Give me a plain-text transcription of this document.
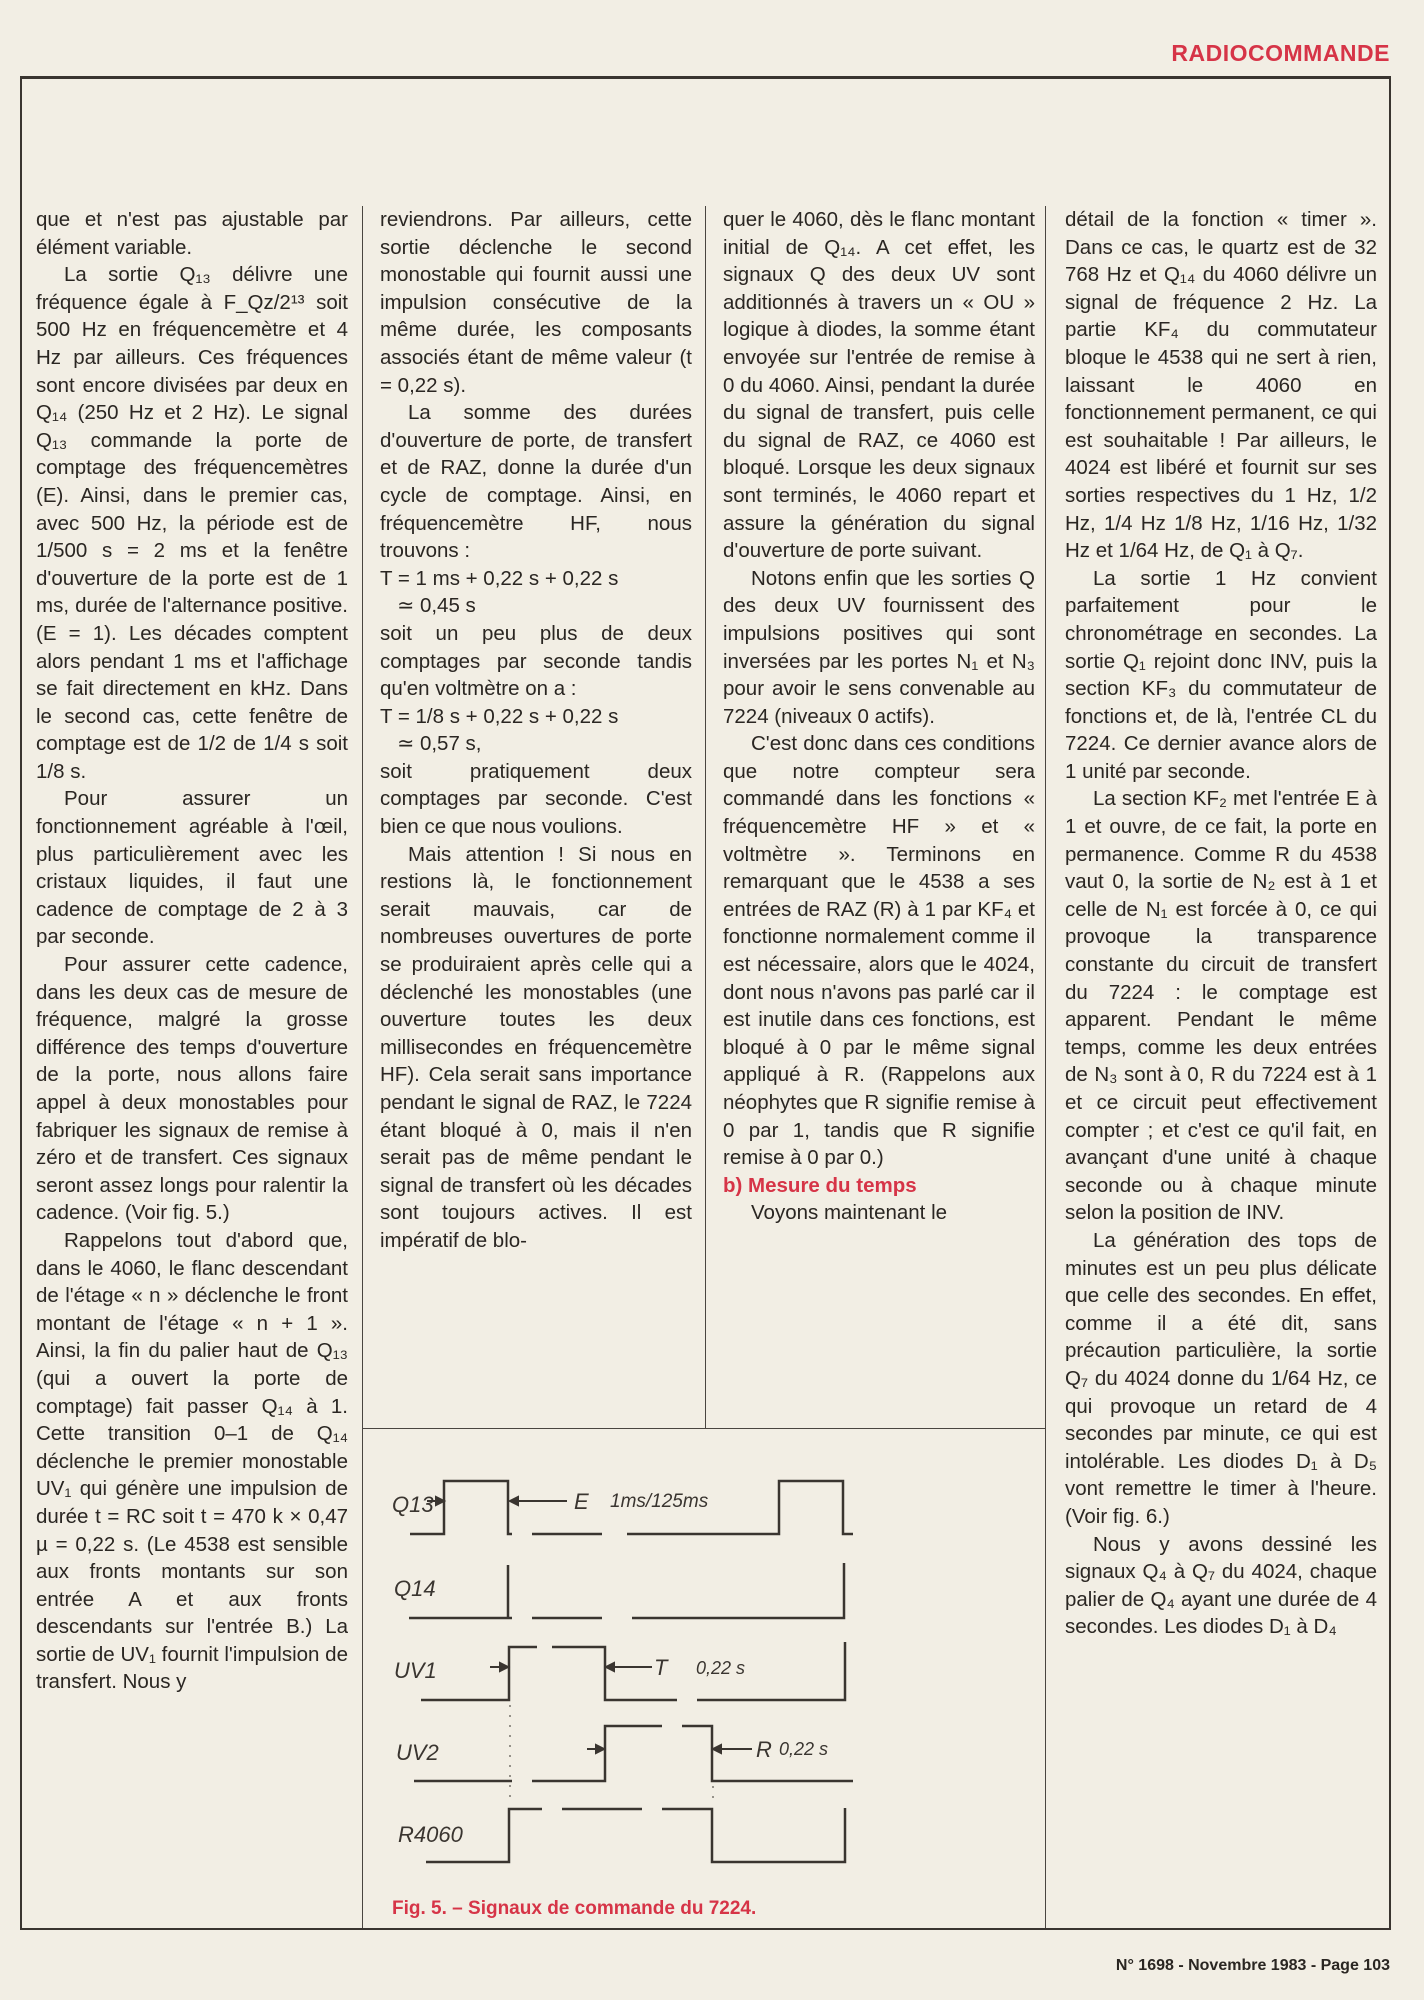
RADIOCOMMANDE

que et n'est pas ajustable par élément variable.

La sortie Q₁₃ délivre une fréquence égale à F_Qz/2¹³ soit 500 Hz en fréquencemètre et 4 Hz par ailleurs. Ces fréquences sont encore divisées par deux en Q₁₄ (250 Hz et 2 Hz). Le signal Q₁₃ commande la porte de comptage des fréquencemètres (E). Ainsi, dans le premier cas, avec 500 Hz, la période est de 1/500 s = 2 ms et la fenêtre d'ouverture de la porte est de 1 ms, durée de l'alternance positive. (E = 1). Les décades comptent alors pendant 1 ms et l'affichage se fait directement en kHz. Dans le second cas, cette fenêtre de comptage est de 1/2 de 1/4 s soit 1/8 s.

Pour assurer un fonctionnement agréable à l'œil, plus particulièrement avec les cristaux liquides, il faut une cadence de comptage de 2 à 3 par seconde.

Pour assurer cette cadence, dans les deux cas de mesure de fréquence, malgré la grosse différence des temps d'ouverture de la porte, nous allons faire appel à deux monostables pour fabriquer les signaux de remise à zéro et de transfert. Ces signaux seront assez longs pour ralentir la cadence. (Voir fig. 5.)

Rappelons tout d'abord que, dans le 4060, le flanc descendant de l'étage « n » déclenche le front montant de l'étage « n + 1 ». Ainsi, la fin du palier haut de Q₁₃ (qui a ouvert la porte de comptage) fait passer Q₁₄ à 1. Cette transition 0–1 de Q₁₄ déclenche le premier monostable UV₁ qui génère une impulsion de durée t = RC soit t = 470 k × 0,47 µ = 0,22 s. (Le 4538 est sensible aux fronts montants sur son entrée A et aux fronts descendants sur l'entrée B.) La sortie de UV₁ fournit l'impulsion de transfert. Nous y

reviendrons. Par ailleurs, cette sortie déclenche le second monostable qui fournit aussi une impulsion consécutive de la même durée, les composants associés étant de même valeur (t = 0,22 s).

La somme des durées d'ouverture de porte, de transfert et de RAZ, donne la durée d'un cycle de comptage. Ainsi, en fréquencemètre HF, nous trouvons :

T = 1 ms + 0,22 s + 0,22 s

≃ 0,45 s

soit un peu plus de deux comptages par seconde tandis qu'en voltmètre on a :

T = 1/8 s + 0,22 s + 0,22 s

≃ 0,57 s,

soit pratiquement deux comptages par seconde. C'est bien ce que nous voulions.

Mais attention ! Si nous en restions là, le fonctionnement serait mauvais, car de nombreuses ouvertures de porte se produiraient après celle qui a déclenché les monostables (une ouverture toutes les deux millisecondes en fréquencemètre HF). Cela serait sans importance pendant le signal de RAZ, le 7224 étant bloqué à 0, mais il n'en serait pas de même pendant le signal de transfert où les décades sont toujours actives. Il est impératif de blo-

quer le 4060, dès le flanc montant initial de Q₁₄. A cet effet, les signaux Q des deux UV sont additionnés à travers un « OU » logique à diodes, la somme étant envoyée sur l'entrée de remise à 0 du 4060. Ainsi, pendant la durée du signal de transfert, puis celle du signal de RAZ, ce 4060 est bloqué. Lorsque les deux signaux sont terminés, le 4060 repart et assure la génération du signal d'ouverture de porte suivant.

Notons enfin que les sorties Q des deux UV fournissent des impulsions positives qui sont inversées par les portes N₁ et N₃ pour avoir le sens convenable au 7224 (niveaux 0 actifs).

C'est donc dans ces conditions que notre compteur sera commandé dans les fonctions « fréquencemètre HF » et « voltmètre ». Terminons en remarquant que le 4538 a ses entrées de RAZ (R) à 1 par KF₄ et fonctionne normalement comme il est nécessaire, alors que le 4024, dont nous n'avons pas parlé car il est inutile dans ces fonctions, est bloqué à 0 par le même signal appliqué à R. (Rappelons aux néophytes que R signifie remise à 0 par 1, tandis que R signifie remise à 0 par 0.)

b) Mesure du temps

Voyons maintenant le

détail de la fonction « timer ». Dans ce cas, le quartz est de 32 768 Hz et Q₁₄ du 4060 délivre un signal de fréquence 2 Hz. La partie KF₄ du commutateur bloque le 4538 qui ne sert à rien, laissant le 4060 en fonctionnement permanent, ce qui est souhaitable ! Par ailleurs, le 4024 est libéré et fournit sur ses sorties respectives du 1 Hz, 1/2 Hz, 1/4 Hz 1/8 Hz, 1/16 Hz, 1/32 Hz et 1/64 Hz, de Q₁ à Q₇.

La sortie 1 Hz convient parfaitement pour le chronométrage en secondes. La sortie Q₁ rejoint donc INV, puis la section KF₃ du commutateur de fonctions et, de là, l'entrée CL du 7224. Ce dernier avance alors de 1 unité par seconde.

La section KF₂ met l'entrée E à 1 et ouvre, de ce fait, la porte en permanence. Comme R du 4538 vaut 0, la sortie de N₂ est à 1 et celle de N₁ est forcée à 0, ce qui provoque la transparence constante du circuit de transfert du 7224 : le comptage est apparent. Pendant le même temps, comme les deux entrées de N₃ sont à 0, R du 7224 est à 1 et ce circuit peut effectivement compter ; et c'est ce qu'il fait, en avançant d'une unité à chaque seconde ou à chaque minute selon la position de INV.

La génération des tops de minutes est un peu plus délicate que celle des secondes. En effet, comme il a été dit, sans précaution particulière, la sortie Q₇ du 4024 donne du 1/64 Hz, ce qui provoque un retard de 4 secondes par minute, ce qui est intolérable. Les diodes D₁ à D₅ vont remettre le timer à l'heure. (Voir fig. 6.)

Nous y avons dessiné les signaux Q₄ à Q₇ du 4024, chaque palier de Q₄ ayant une durée de 4 secondes. Les diodes D₁ à D₄

Q13
Q14
UV1
UV2
R4060
E 1ms/125ms
T 0,22 s
R 0,22 s
Fig. 5. – Signaux de commande du 7224.
N° 1698 - Novembre 1983 - Page 103
